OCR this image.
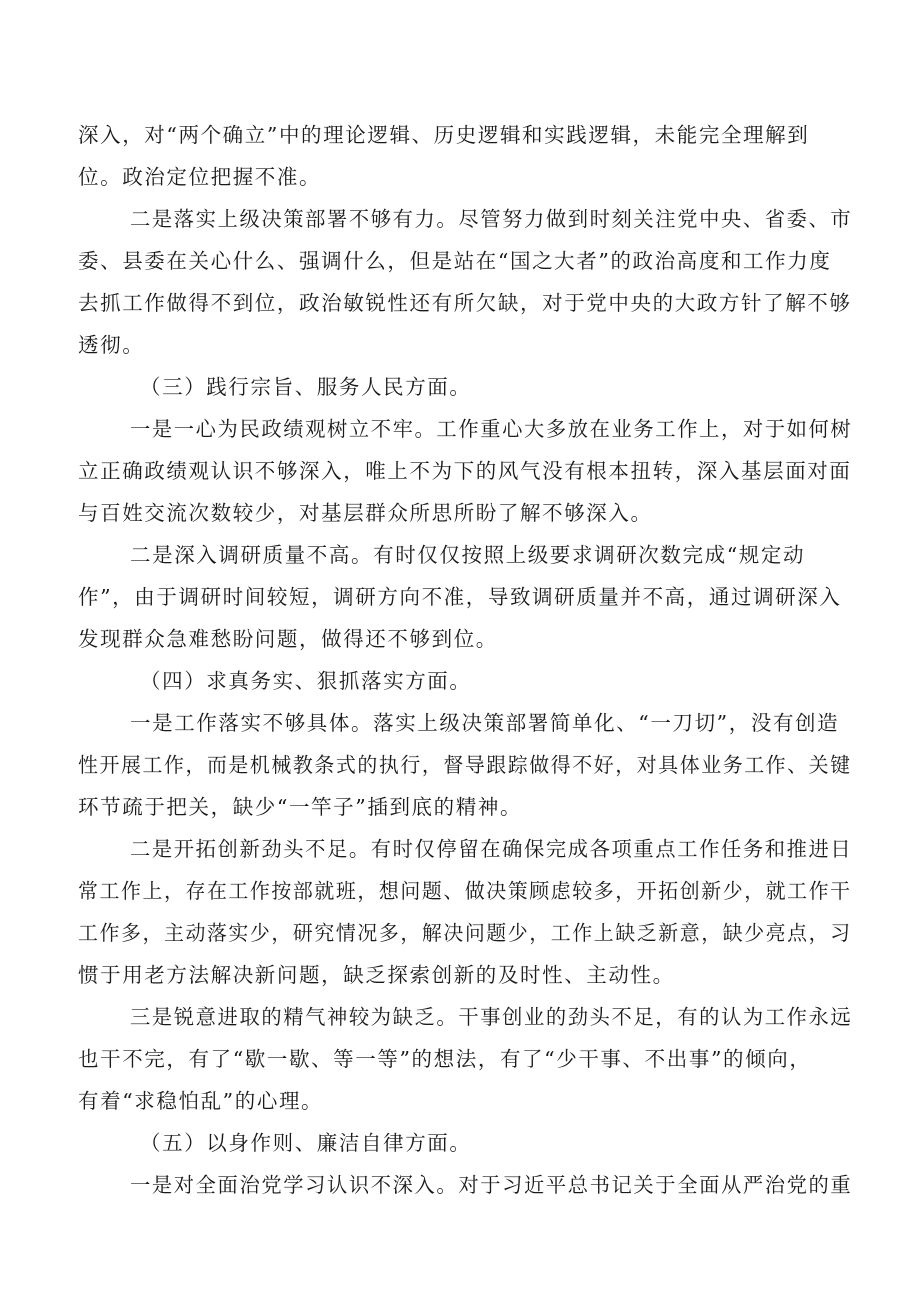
深入，对“两个确立”中的理论逻辑、历史逻辑和实践逻辑，未能完全理解到
位。政治定位把握不准。
二是落实上级决策部署不够有力。尽管努力做到时刻关注党中央、省委、市
委、县委在关心什么、强调什么，但是站在“国之大者”的政治高度和工作力度
去抓工作做得不到位，政治敏锐性还有所欠缺，对于党中央的大政方针了解不够
透彻。
（三）践行宗旨、服务人民方面。
一是一心为民政绩观树立不牢。工作重心大多放在业务工作上，对于如何树
立正确政绩观认识不够深入，唯上不为下的风气没有根本扭转，深入基层面对面
与百姓交流次数较少，对基层群众所思所盼了解不够深入。
二是深入调研质量不高。有时仅仅按照上级要求调研次数完成“规定动
作”，由于调研时间较短，调研方向不准，导致调研质量并不高，通过调研深入
发现群众急难愁盼问题，做得还不够到位。
（四）求真务实、狠抓落实方面。
一是工作落实不够具体。落实上级决策部署简单化、“一刀切”，没有创造
性开展工作，而是机械教条式的执行，督导跟踪做得不好，对具体业务工作、关键
环节疏于把关，缺少“一竿子”插到底的精神。
二是开拓创新劲头不足。有时仅停留在确保完成各项重点工作任务和推进日
常工作上，存在工作按部就班，想问题、做决策顾虑较多，开拓创新少，就工作干
工作多，主动落实少，研究情况多，解决问题少，工作上缺乏新意，缺少亮点，习
惯于用老方法解决新问题，缺乏探索创新的及时性、主动性。
三是锐意进取的精气神较为缺乏。干事创业的劲头不足，有的认为工作永远
也干不完，有了“歇一歇、等一等”的想法，有了“少干事、不出事”的倾向，
有着“求稳怕乱”的心理。
（五）以身作则、廉洁自律方面。
一是对全面治党学习认识不深入。对于习近平总书记关于全面从严治党的重
